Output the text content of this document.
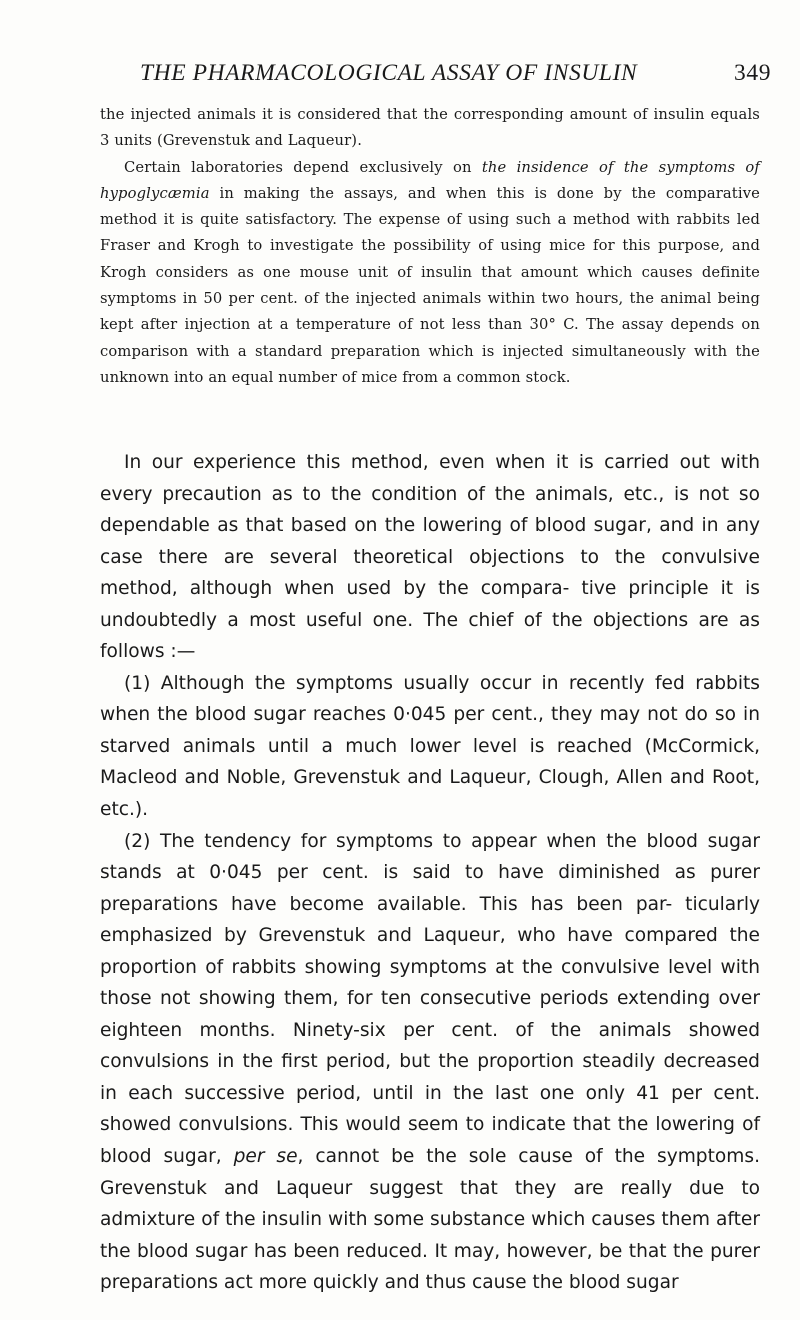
THE PHARMACOLOGICAL ASSAY OF INSULIN	349

the injected animals it is considered that the corresponding amount of insulin equals 3 units (Grevenstuk and Laqueur).

Certain laboratories depend exclusively on the insidence of the symptoms of hypoglycæmia in making the assays, and when this is done by the comparative method it is quite satisfactory. The expense of using such a method with rabbits led Fraser and Krogh to investigate the possibility of using mice for this purpose, and Krogh considers as one mouse unit of insulin that amount which causes definite symptoms in 50 per cent. of the injected animals within two hours, the animal being kept after injection at a temperature of not less than 30° C. The assay depends on comparison with a standard preparation which is injected simultaneously with the unknown into an equal number of mice from a common stock.

In our experience this method, even when it is carried out with every precaution as to the condition of the animals, etc., is not so dependable as that based on the lowering of blood sugar, and in any case there are several theoretical objections to the convulsive method, although when used by the compara- tive principle it is undoubtedly a most useful one. The chief of the objections are as follows :—

(1) Although the symptoms usually occur in recently fed rabbits when the blood sugar reaches 0·045 per cent., they may not do so in starved animals until a much lower level is reached (McCormick, Macleod and Noble, Grevenstuk and Laqueur, Clough, Allen and Root, etc.).

(2) The tendency for symptoms to appear when the blood sugar stands at 0·045 per cent. is said to have diminished as purer preparations have become available. This has been par- ticularly emphasized by Grevenstuk and Laqueur, who have compared the proportion of rabbits showing symptoms at the convulsive level with those not showing them, for ten consecutive periods extending over eighteen months. Ninety-six per cent. of the animals showed convulsions in the first period, but the proportion steadily decreased in each successive period, until in the last one only 41 per cent. showed convulsions. This would seem to indicate that the lowering of blood sugar, per se, cannot be the sole cause of the symptoms. Grevenstuk and Laqueur suggest that they are really due to admixture of the insulin with some substance which causes them after the blood sugar has been reduced. It may, however, be that the purer preparations act more quickly and thus cause the blood sugar
